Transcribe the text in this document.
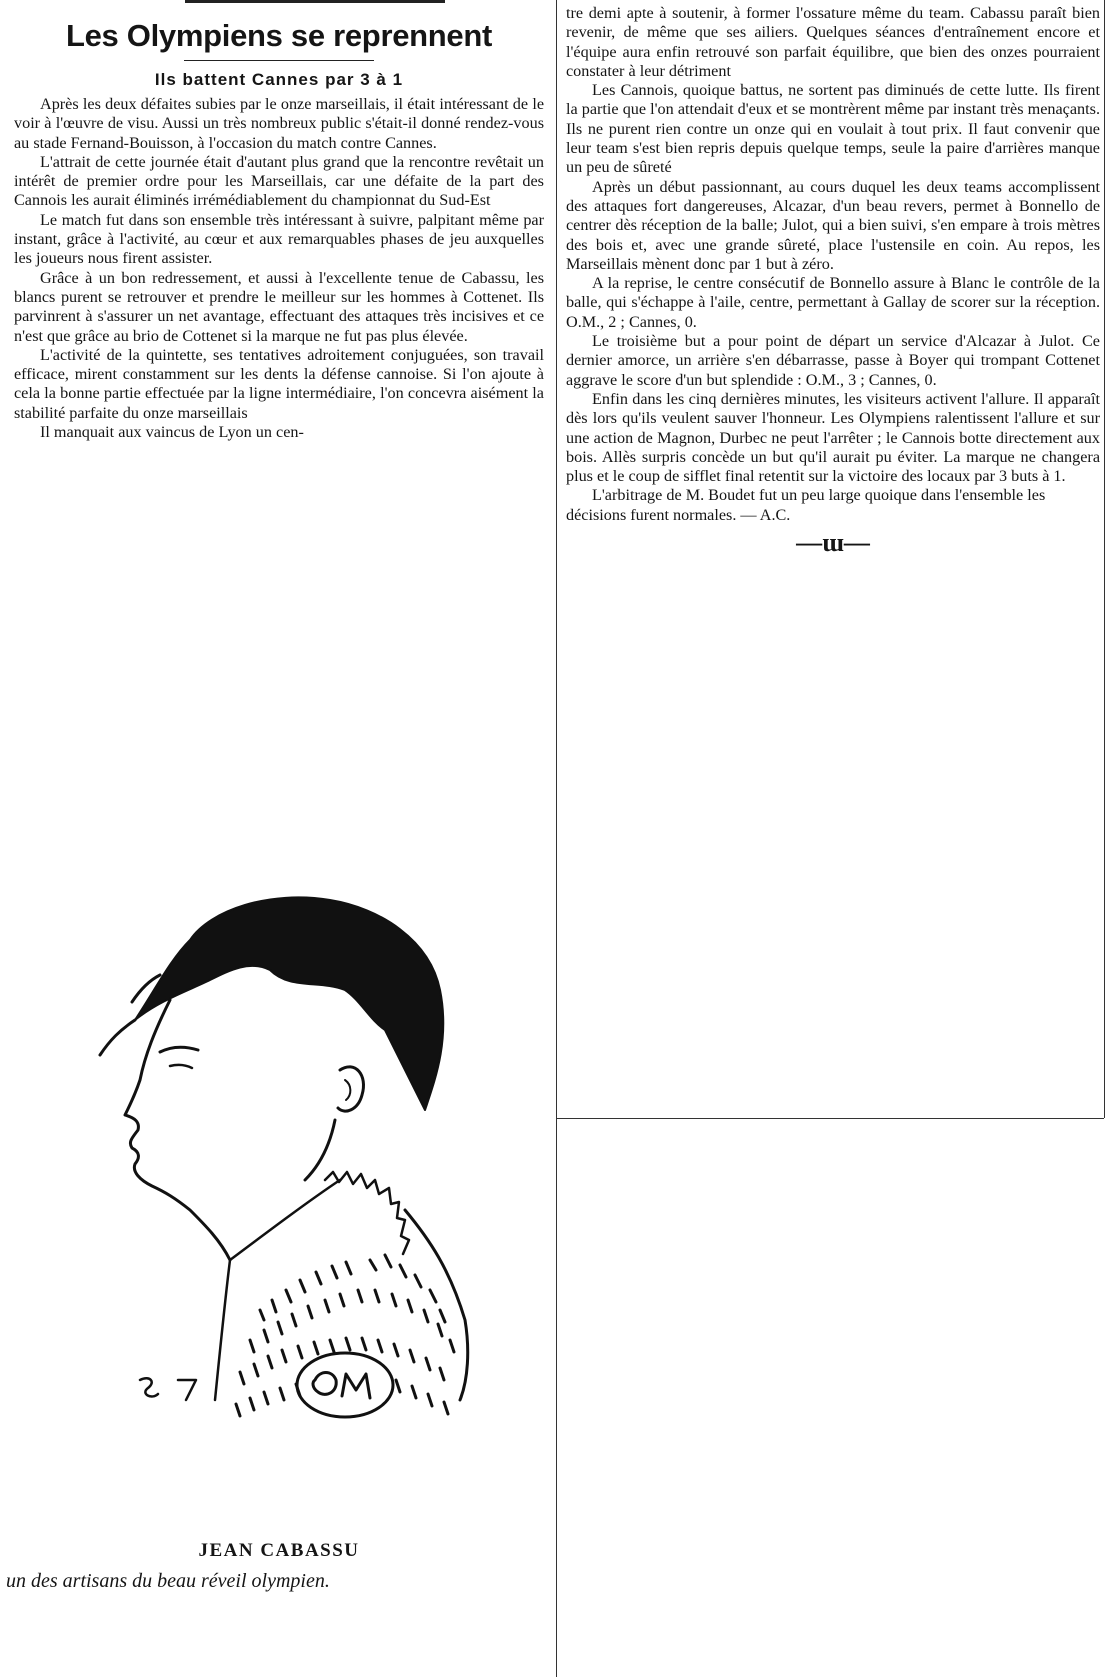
Les Olympiens se reprennent
Ils battent Cannes par 3 à 1

Après les deux défaites subies par le onze marseillais, il était intéressant de le voir à l'œuvre de visu. Aussi un très nombreux public s'était-il donné rendez-vous au stade Fernand-Bouisson, à l'occasion du match contre Cannes.

L'attrait de cette journée était d'autant plus grand que la rencontre revêtait un intérêt de premier ordre pour les Marseillais, car une défaite de la part des Cannois les aurait éliminés irrémédiablement du championnat du Sud-Est

Le match fut dans son ensemble très intéressant à suivre, palpitant même par instant, grâce à l'activité, au cœur et aux remarquables phases de jeu auxquelles les joueurs nous firent assister.

Grâce à un bon redressement, et aussi à l'excellente tenue de Cabassu, les blancs purent se retrouver et prendre le meilleur sur les hommes à Cottenet. Ils parvinrent à s'assurer un net avantage, effectuant des attaques très incisives et ce n'est que grâce au brio de Cottenet si la marque ne fut pas plus élevée.

L'activité de la quintette, ses tentatives adroitement conjuguées, son travail efficace, mirent constamment sur les dents la défense cannoise. Si l'on ajoute à cela la bonne partie effectuée par la ligne intermédiaire, l'on concevra aisément la stabilité parfaite du onze marseillais

Il manquait aux vaincus de Lyon un cen-

tre demi apte à soutenir, à former l'ossature même du team. Cabassu paraît bien revenir, de même que ses ailiers. Quelques séances d'entraînement encore et l'équipe aura enfin retrouvé son parfait équilibre, que bien des onzes pourraient constater à leur détriment

Les Cannois, quoique battus, ne sortent pas diminués de cette lutte. Ils firent la partie que l'on attendait d'eux et se montrèrent même par instant très menaçants. Ils ne purent rien contre un onze qui en voulait à tout prix. Il faut convenir que leur team s'est bien repris depuis quelque temps, seule la paire d'arrières manque un peu de sûreté

Après un début passionnant, au cours duquel les deux teams accomplissent des attaques fort dangereuses, Alcazar, d'un beau revers, permet à Bonnello de centrer dès réception de la balle; Julot, qui a bien suivi, s'en empare à trois mètres des bois et, avec une grande sûreté, place l'ustensile en coin. Au repos, les Marseillais mènent donc par 1 but à zéro.

A la reprise, le centre consécutif de Bonnello assure à Blanc le contrôle de la balle, qui s'échappe à l'aile, centre, permettant à Gallay de scorer sur la réception. O.M., 2 ; Cannes, 0.

Le troisième but a pour point de départ un service d'Alcazar à Julot. Ce dernier amorce, un arrière s'en débarrasse, passe à Boyer qui trompant Cottenet aggrave le score d'un but splendide : O.M., 3 ; Cannes, 0.

Enfin dans les cinq dernières minutes, les visiteurs activent l'allure. Il apparaît dès lors qu'ils veulent sauver l'honneur. Les Olympiens ralentissent l'allure et sur une action de Magnon, Durbec ne peut l'arrêter ; le Cannois botte directement aux bois. Allès surpris concède un but qu'il aurait pu éviter. La marque ne changera plus et le coup de sifflet final retentit sur la victoire des locaux par 3 buts à 1.

L'arbitrage de M. Boudet fut un peu large quoique dans l'ensemble les décisions furent normales. — A.C.

—ɯ—
JEAN CABASSU
un des artisans du beau réveil olympien.
